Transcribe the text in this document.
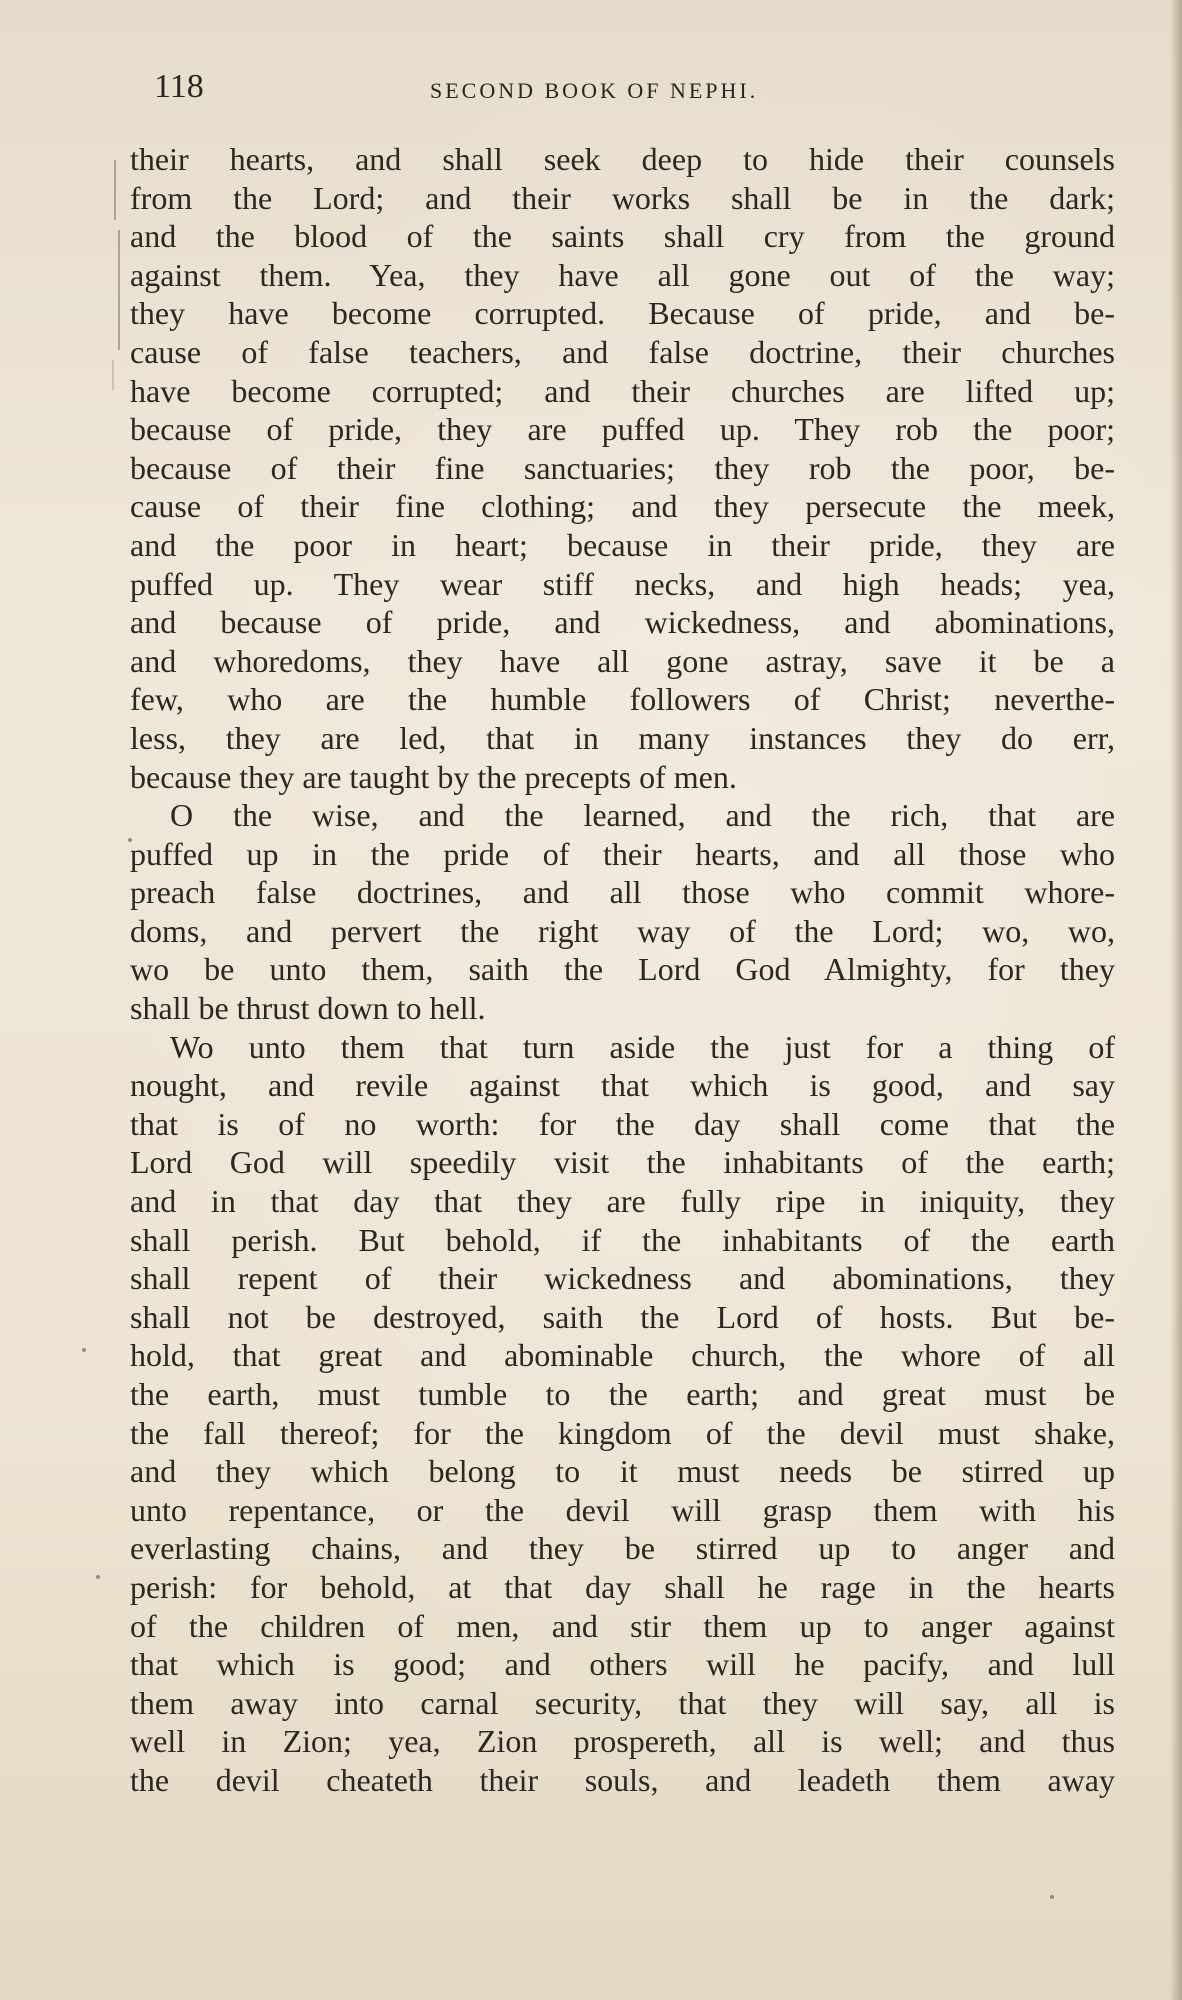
118	SECOND BOOK OF NEPHI.
their hearts, and shall seek deep to hide their counsels
from the Lord; and their works shall be in the dark;
and the blood of the saints shall cry from the ground
against them. Yea, they have all gone out of the way;
they have become corrupted. Because of pride, and be-
cause of false teachers, and false doctrine, their churches
have become corrupted; and their churches are lifted up;
because of pride, they are puffed up. They rob the poor;
because of their fine sanctuaries; they rob the poor, be-
cause of their fine clothing; and they persecute the meek,
and the poor in heart; because in their pride, they are
puffed up. They wear stiff necks, and high heads; yea,
and because of pride, and wickedness, and abominations,
and whoredoms, they have all gone astray, save it be a
few, who are the humble followers of Christ; neverthe-
less, they are led, that in many instances they do err,
because they are taught by the precepts of men.
O the wise, and the learned, and the rich, that are
puffed up in the pride of their hearts, and all those who
preach false doctrines, and all those who commit whore-
doms, and pervert the right way of the Lord; wo, wo,
wo be unto them, saith the Lord God Almighty, for they
shall be thrust down to hell.
Wo unto them that turn aside the just for a thing of
nought, and revile against that which is good, and say
that is of no worth: for the day shall come that the
Lord God will speedily visit the inhabitants of the earth;
and in that day that they are fully ripe in iniquity, they
shall perish. But behold, if the inhabitants of the earth
shall repent of their wickedness and abominations, they
shall not be destroyed, saith the Lord of hosts. But be-
hold, that great and abominable church, the whore of all
the earth, must tumble to the earth; and great must be
the fall thereof; for the kingdom of the devil must shake,
and they which belong to it must needs be stirred up
unto repentance, or the devil will grasp them with his
everlasting chains, and they be stirred up to anger and
perish: for behold, at that day shall he rage in the hearts
of the children of men, and stir them up to anger against
that which is good; and others will he pacify, and lull
them away into carnal security, that they will say, all is
well in Zion; yea, Zion prospereth, all is well; and thus
the devil cheateth their souls, and leadeth them away
